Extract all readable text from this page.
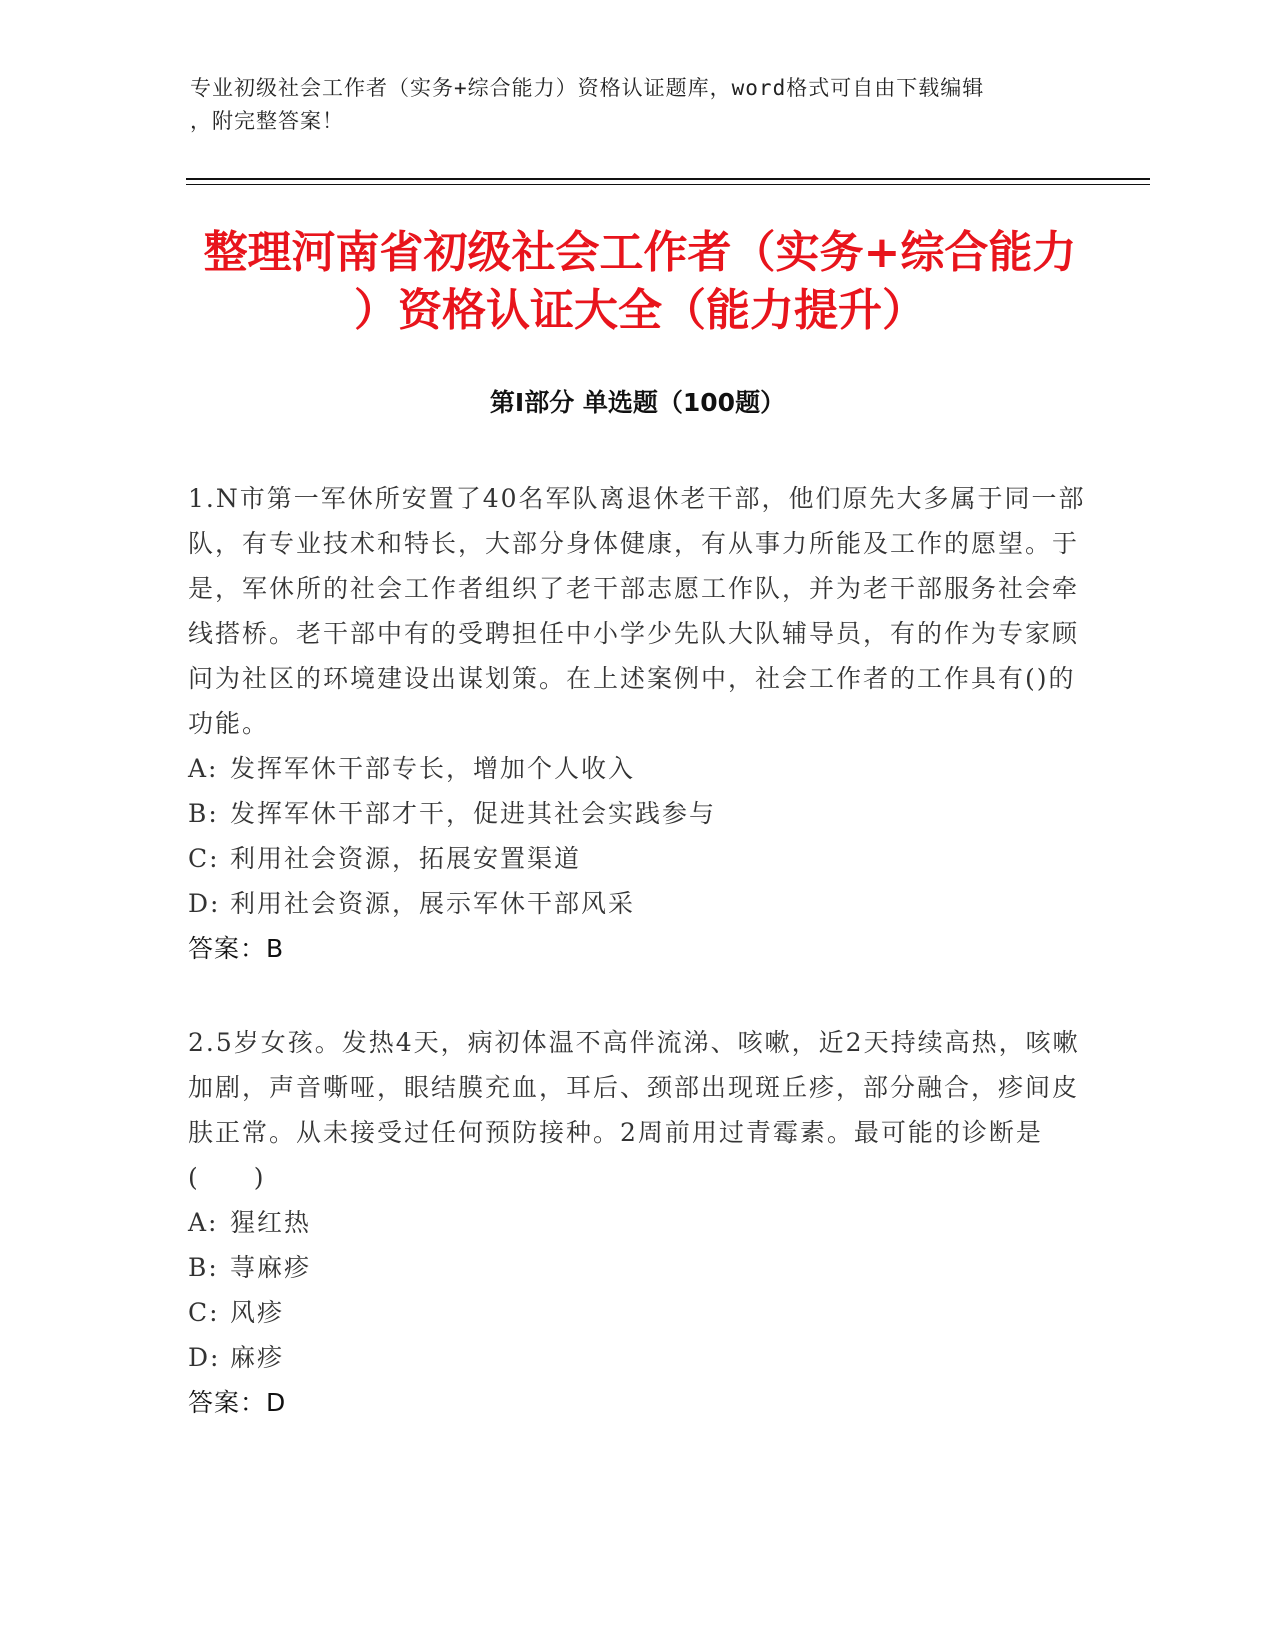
专业初级社会工作者（实务+综合能力）资格认证题库，word格式可自由下载编辑
，附完整答案！
整理河南省初级社会工作者（实务+综合能力
）资格认证大全（能力提升）
第Ⅰ部分 单选题（100题）
1.N市第一军休所安置了40名军队离退休老干部，他们原先大多属于同一部队，有专业技术和特长，大部分身体健康，有从事力所能及工作的愿望。于是，军休所的社会工作者组织了老干部志愿工作队，并为老干部服务社会牵线搭桥。老干部中有的受聘担任中小学少先队大队辅导员，有的作为专家顾问为社区的环境建设出谋划策。在上述案例中，社会工作者的工作具有()的功能。
A: 发挥军休干部专长，增加个人收入
B: 发挥军休干部才干，促进其社会实践参与
C: 利用社会资源，拓展安置渠道
D: 利用社会资源，展示军休干部风采
答案：B
2.5岁女孩。发热4天，病初体温不高伴流涕、咳嗽，近2天持续高热，咳嗽加剧，声音嘶哑，眼结膜充血，耳后、颈部出现斑丘疹，部分融合，疹间皮肤正常。从未接受过任何预防接种。2周前用过青霉素。最可能的诊断是(　　)
A: 猩红热
B: 荨麻疹
C: 风疹
D: 麻疹
答案：D
